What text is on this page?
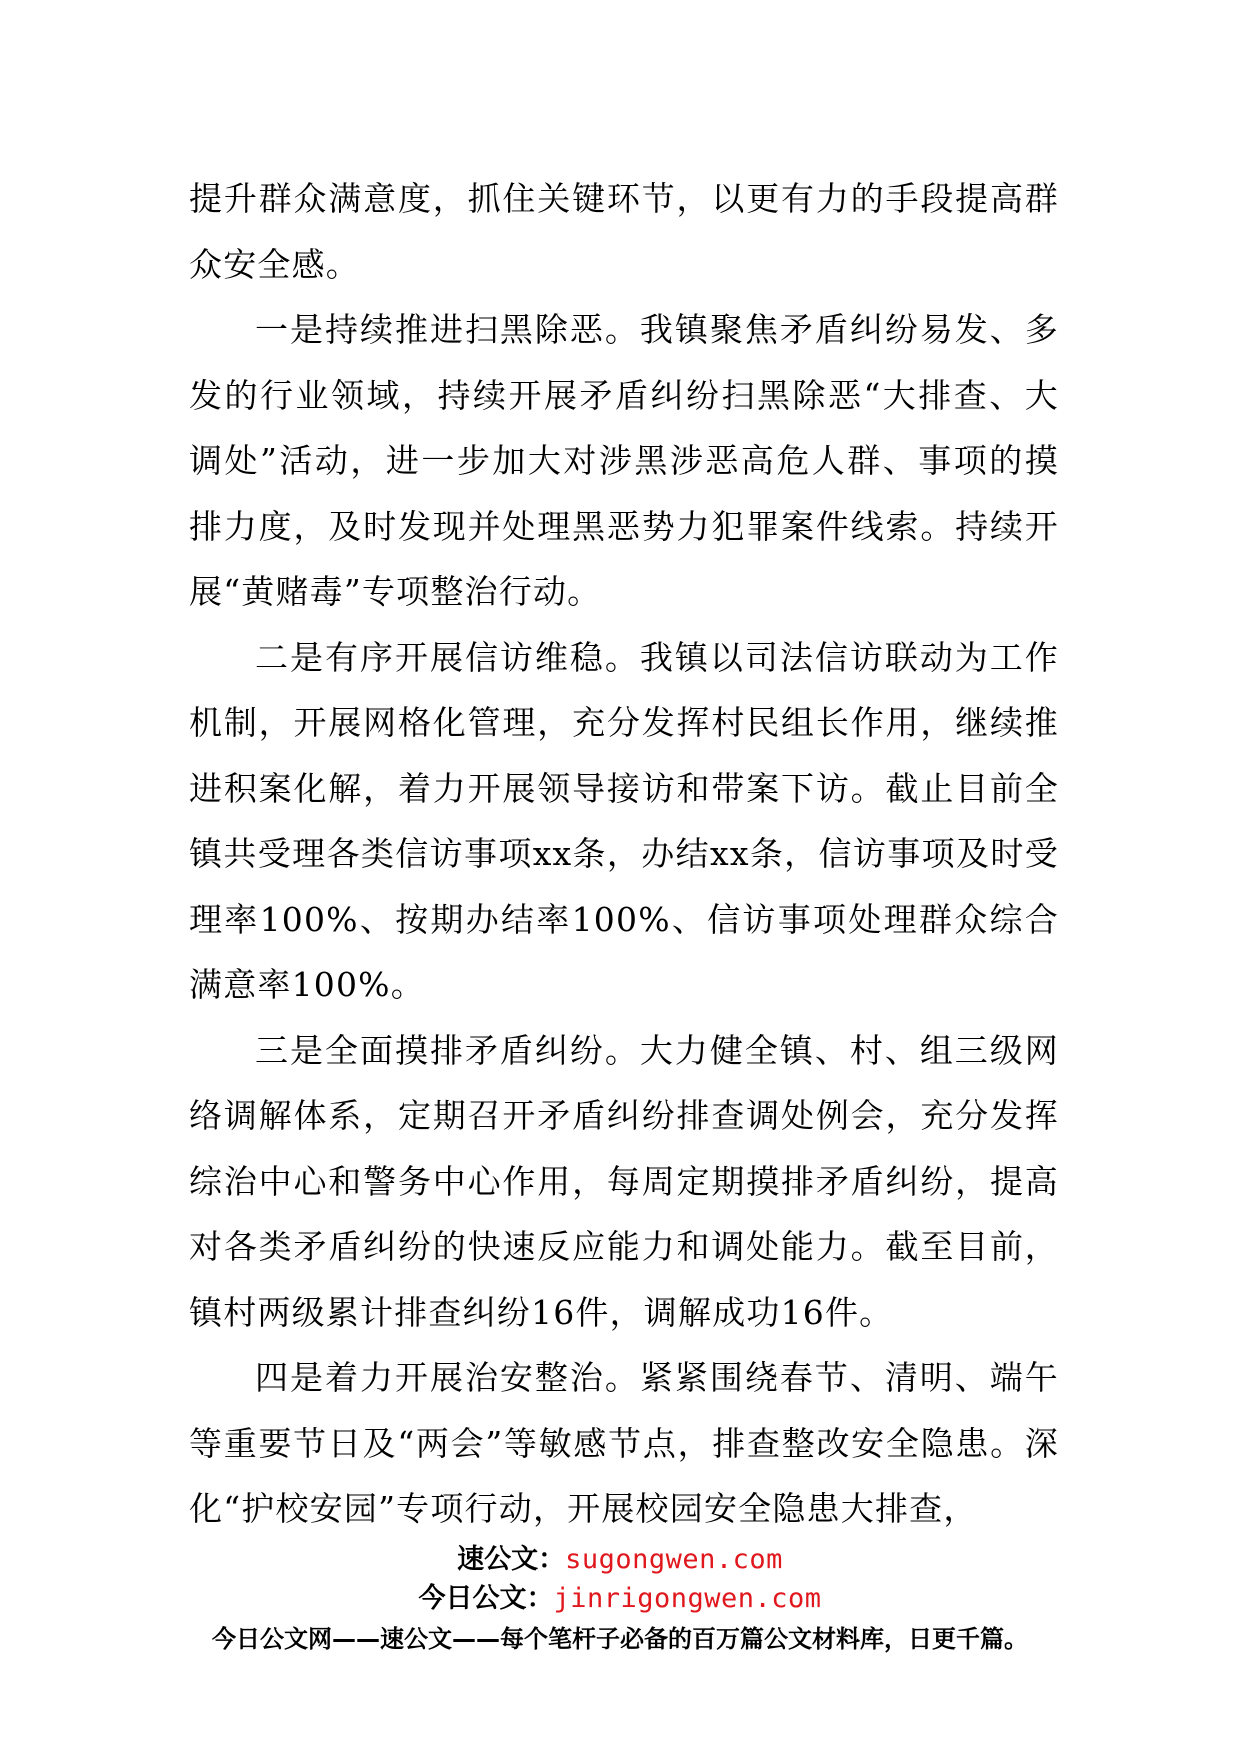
提升群众满意度，抓住关键环节，以更有力的手段提高群众安全感。

一是持续推进扫黑除恶。我镇聚焦矛盾纠纷易发、多发的行业领域，持续开展矛盾纠纷扫黑除恶“大排查、大调处”活动，进一步加大对涉黑涉恶高危人群、事项的摸排力度，及时发现并处理黑恶势力犯罪案件线索。持续开展“黄赌毒”专项整治行动。

二是有序开展信访维稳。我镇以司法信访联动为工作机制，开展网格化管理，充分发挥村民组长作用，继续推进积案化解，着力开展领导接访和带案下访。截止目前全镇共受理各类信访事项xx条，办结xx条，信访事项及时受理率100%、按期办结率100%、信访事项处理群众综合满意率100%。

三是全面摸排矛盾纠纷。大力健全镇、村、组三级网络调解体系，定期召开矛盾纠纷排查调处例会，充分发挥综治中心和警务中心作用，每周定期摸排矛盾纠纷，提高对各类矛盾纠纷的快速反应能力和调处能力。截至目前，镇村两级累计排查纠纷16件，调解成功16件。

四是着力开展治安整治。紧紧围绕春节、清明、端午等重要节日及“两会”等敏感节点，排查整改安全隐患。深化“护校安园”专项行动，开展校园安全隐患大排查，

速公文：sugongwen.com
今日公文：jinrigongwen.com
今日公文网——速公文——每个笔杆子必备的百万篇公文材料库，日更千篇。
